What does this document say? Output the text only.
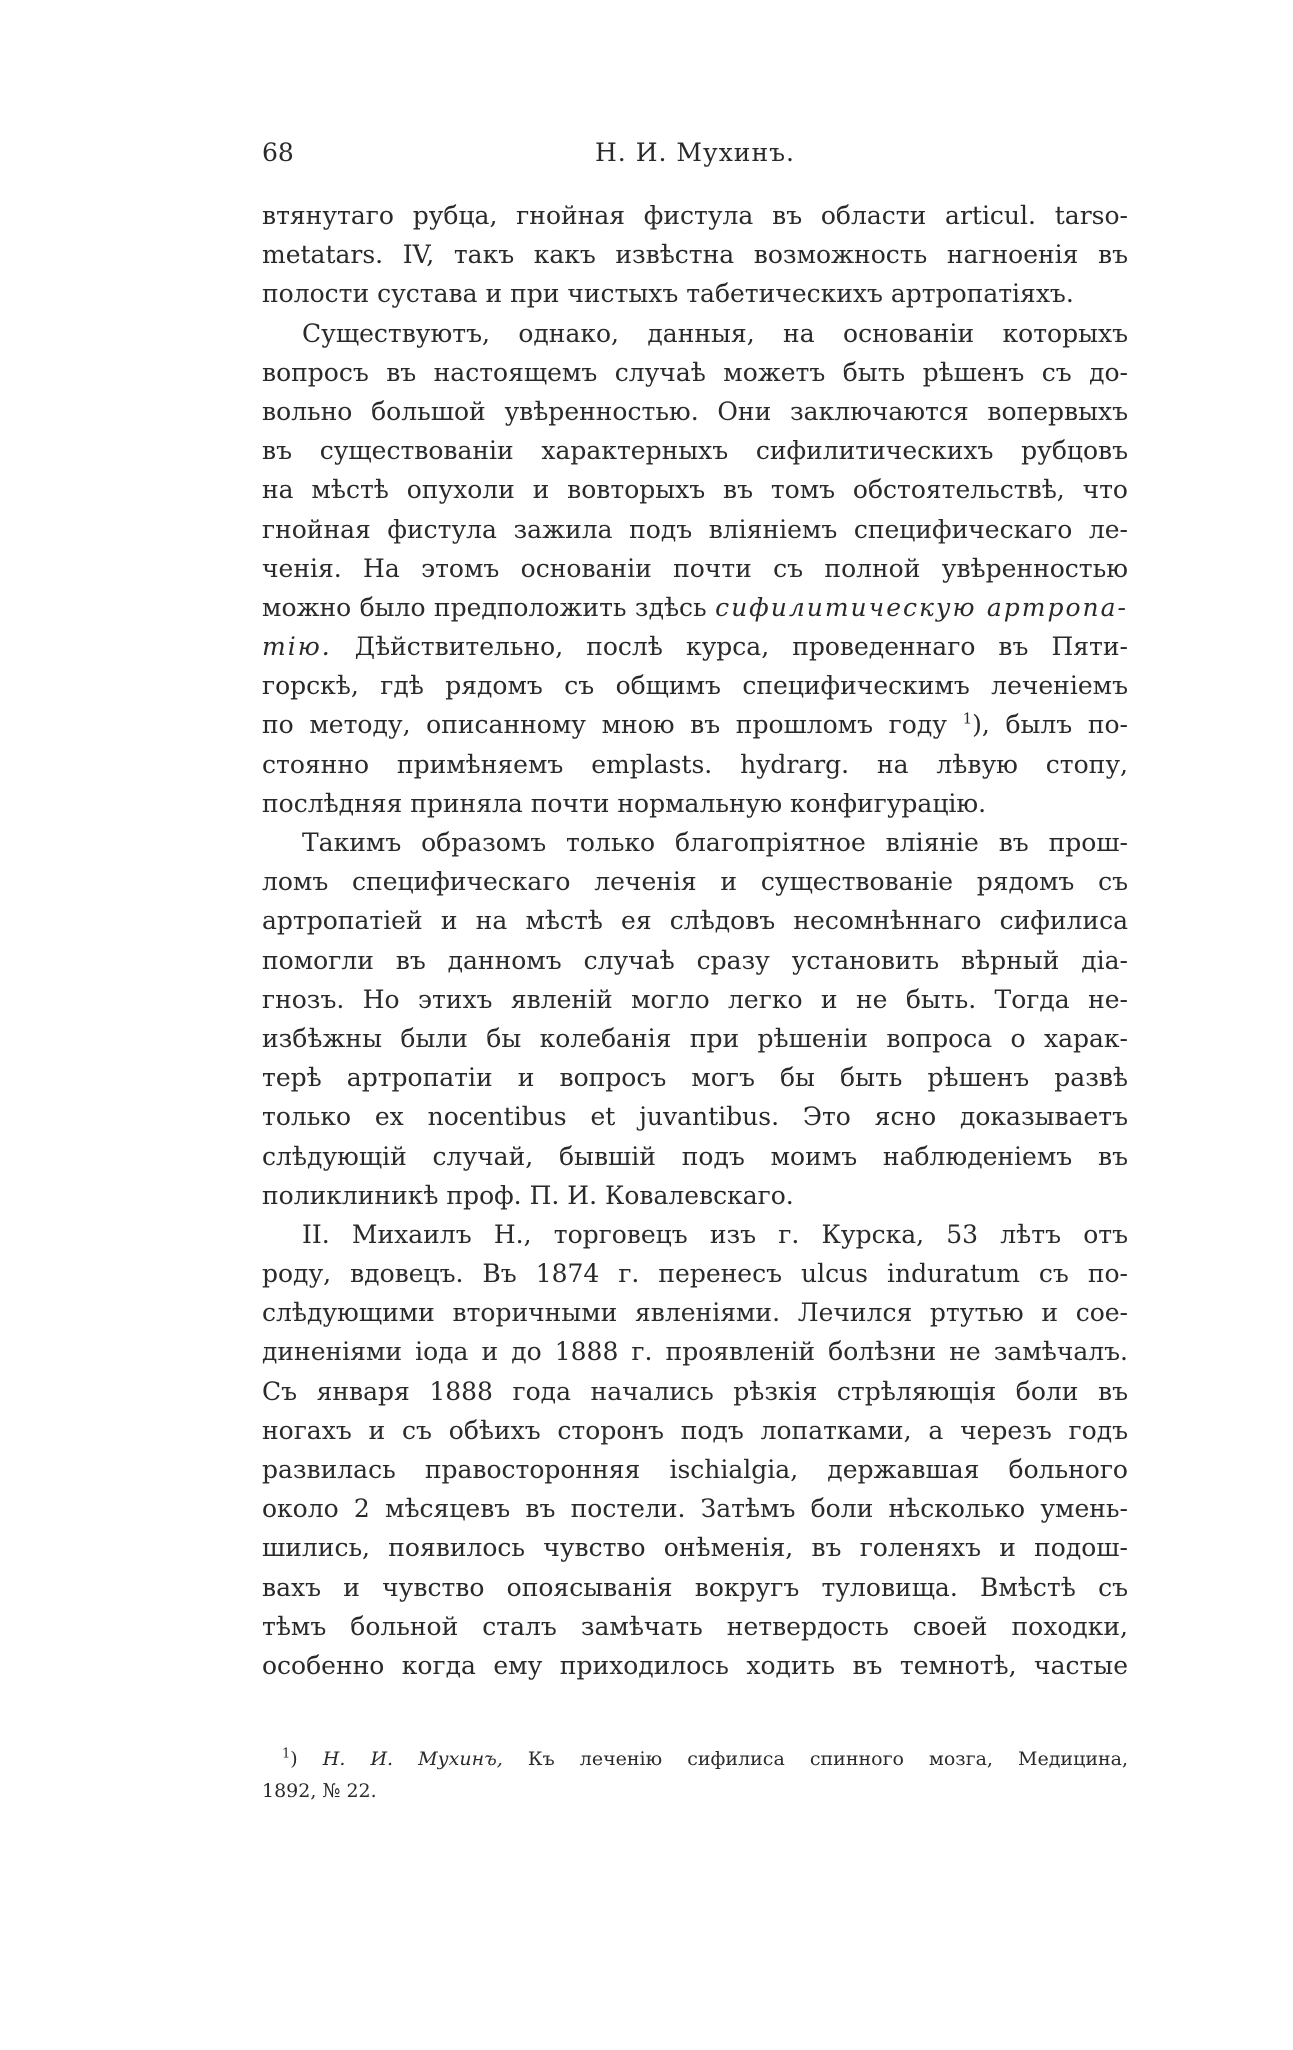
68	Н. И. Мухинъ.
втянутаго рубца, гнойная фистула въ области articul. tarso-
metatars. IV, такъ какъ извѣстна возможность нагноенія въ
полости сустава и при чистыхъ табетическихъ артропатіяхъ.
Существуютъ, однако, данныя, на основаніи которыхъ
вопросъ въ настоящемъ случаѣ можетъ быть рѣшенъ съ до-
вольно большой увѣренностью. Они заключаются вопервыхъ
въ существованіи характерныхъ сифилитическихъ рубцовъ
на мѣстѣ опухоли и вовторыхъ въ томъ обстоятельствѣ, что
гнойная фистула зажила подъ вліяніемъ специфическаго ле-
ченія. На этомъ основаніи почти съ полной увѣренностью
можно было предположить здѣсь сифилитическую артропа-
тію. Дѣйствительно, послѣ курса, проведеннаго въ Пяти-
горскѣ, гдѣ рядомъ съ общимъ специфическимъ леченіемъ
по методу, описанному мною въ прошломъ году $^1$), былъ по-
стоянно примѣняемъ emplasts. hydrarg. на лѣвую стопу,
послѣдняя приняла почти нормальную конфигурацію.
Такимъ образомъ только благопріятное вліяніе въ прош-
ломъ специфическаго леченія и существованіе рядомъ съ
артропатіей и на мѣстѣ ея слѣдовъ несомнѣннаго сифилиса
помогли въ данномъ случаѣ сразу установить вѣрный діа-
гнозъ. Но этихъ явленій могло легко и не быть. Тогда не-
избѣжны были бы колебанія при рѣшеніи вопроса о харак-
терѣ артропатіи и вопросъ могъ бы быть рѣшенъ развѣ
только ex nocentibus et juvantibus. Это ясно доказываетъ
слѣдующій случай, бывшій подъ моимъ наблюденіемъ въ
поликлиникѣ проф. П. И. Ковалевскаго.
II. Михаилъ Н., торговецъ изъ г. Курска, 53 лѣтъ отъ
роду, вдовецъ. Въ 1874 г. перенесъ ulcus induratum съ по-
слѣдующими вторичными явленіями. Лечился ртутью и сое-
диненіями іода и до 1888 г. проявленій болѣзни не замѣчалъ.
Съ января 1888 года начались рѣзкія стрѣляющія боли въ
ногахъ и съ обѣихъ сторонъ подъ лопатками, а черезъ годъ
развилась правосторонняя ischialgia, державшая больного
около 2 мѣсяцевъ въ постели. Затѣмъ боли нѣсколько умень-
шились, появилось чувство онѣменія, въ голеняхъ и подош-
вахъ и чувство опоясыванія вокругъ туловища. Вмѣстѣ съ
тѣмъ больной сталъ замѣчать нетвердость своей походки,
особенно когда ему приходилось ходить въ темнотѣ, частые
$^1$) Н. И. Мухинъ, Къ леченію сифилиса спинного мозга, Медицина,
1892, № 22.
